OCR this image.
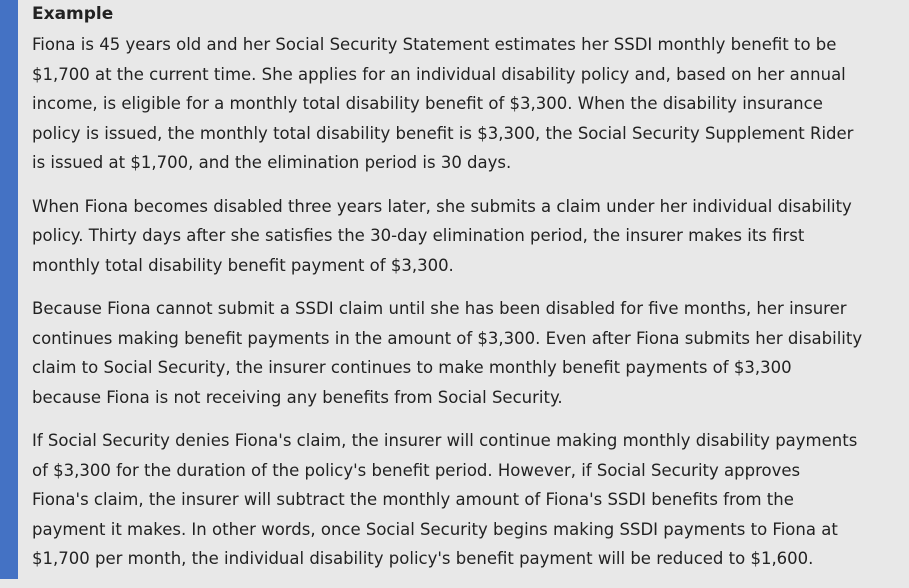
Example

Fiona is 45 years old and her Social Security Statement estimates her SSDI monthly benefit to be
$1,700 at the current time. She applies for an individual disability policy and, based on her annual
income, is eligible for a monthly total disability benefit of $3,300. When the disability insurance
policy is issued, the monthly total disability benefit is $3,300, the Social Security Supplement Rider
is issued at $1,700, and the elimination period is 30 days.

When Fiona becomes disabled three years later, she submits a claim under her individual disability
policy. Thirty days after she satisfies the 30-day elimination period, the insurer makes its first
monthly total disability benefit payment of $3,300.

Because Fiona cannot submit a SSDI claim until she has been disabled for five months, her insurer
continues making benefit payments in the amount of $3,300. Even after Fiona submits her disability
claim to Social Security, the insurer continues to make monthly benefit payments of $3,300
because Fiona is not receiving any benefits from Social Security.

If Social Security denies Fiona's claim, the insurer will continue making monthly disability payments
of $3,300 for the duration of the policy's benefit period. However, if Social Security approves
Fiona's claim, the insurer will subtract the monthly amount of Fiona's SSDI benefits from the
payment it makes. In other words, once Social Security begins making SSDI payments to Fiona at
$1,700 per month, the individual disability policy's benefit payment will be reduced to $1,600.
